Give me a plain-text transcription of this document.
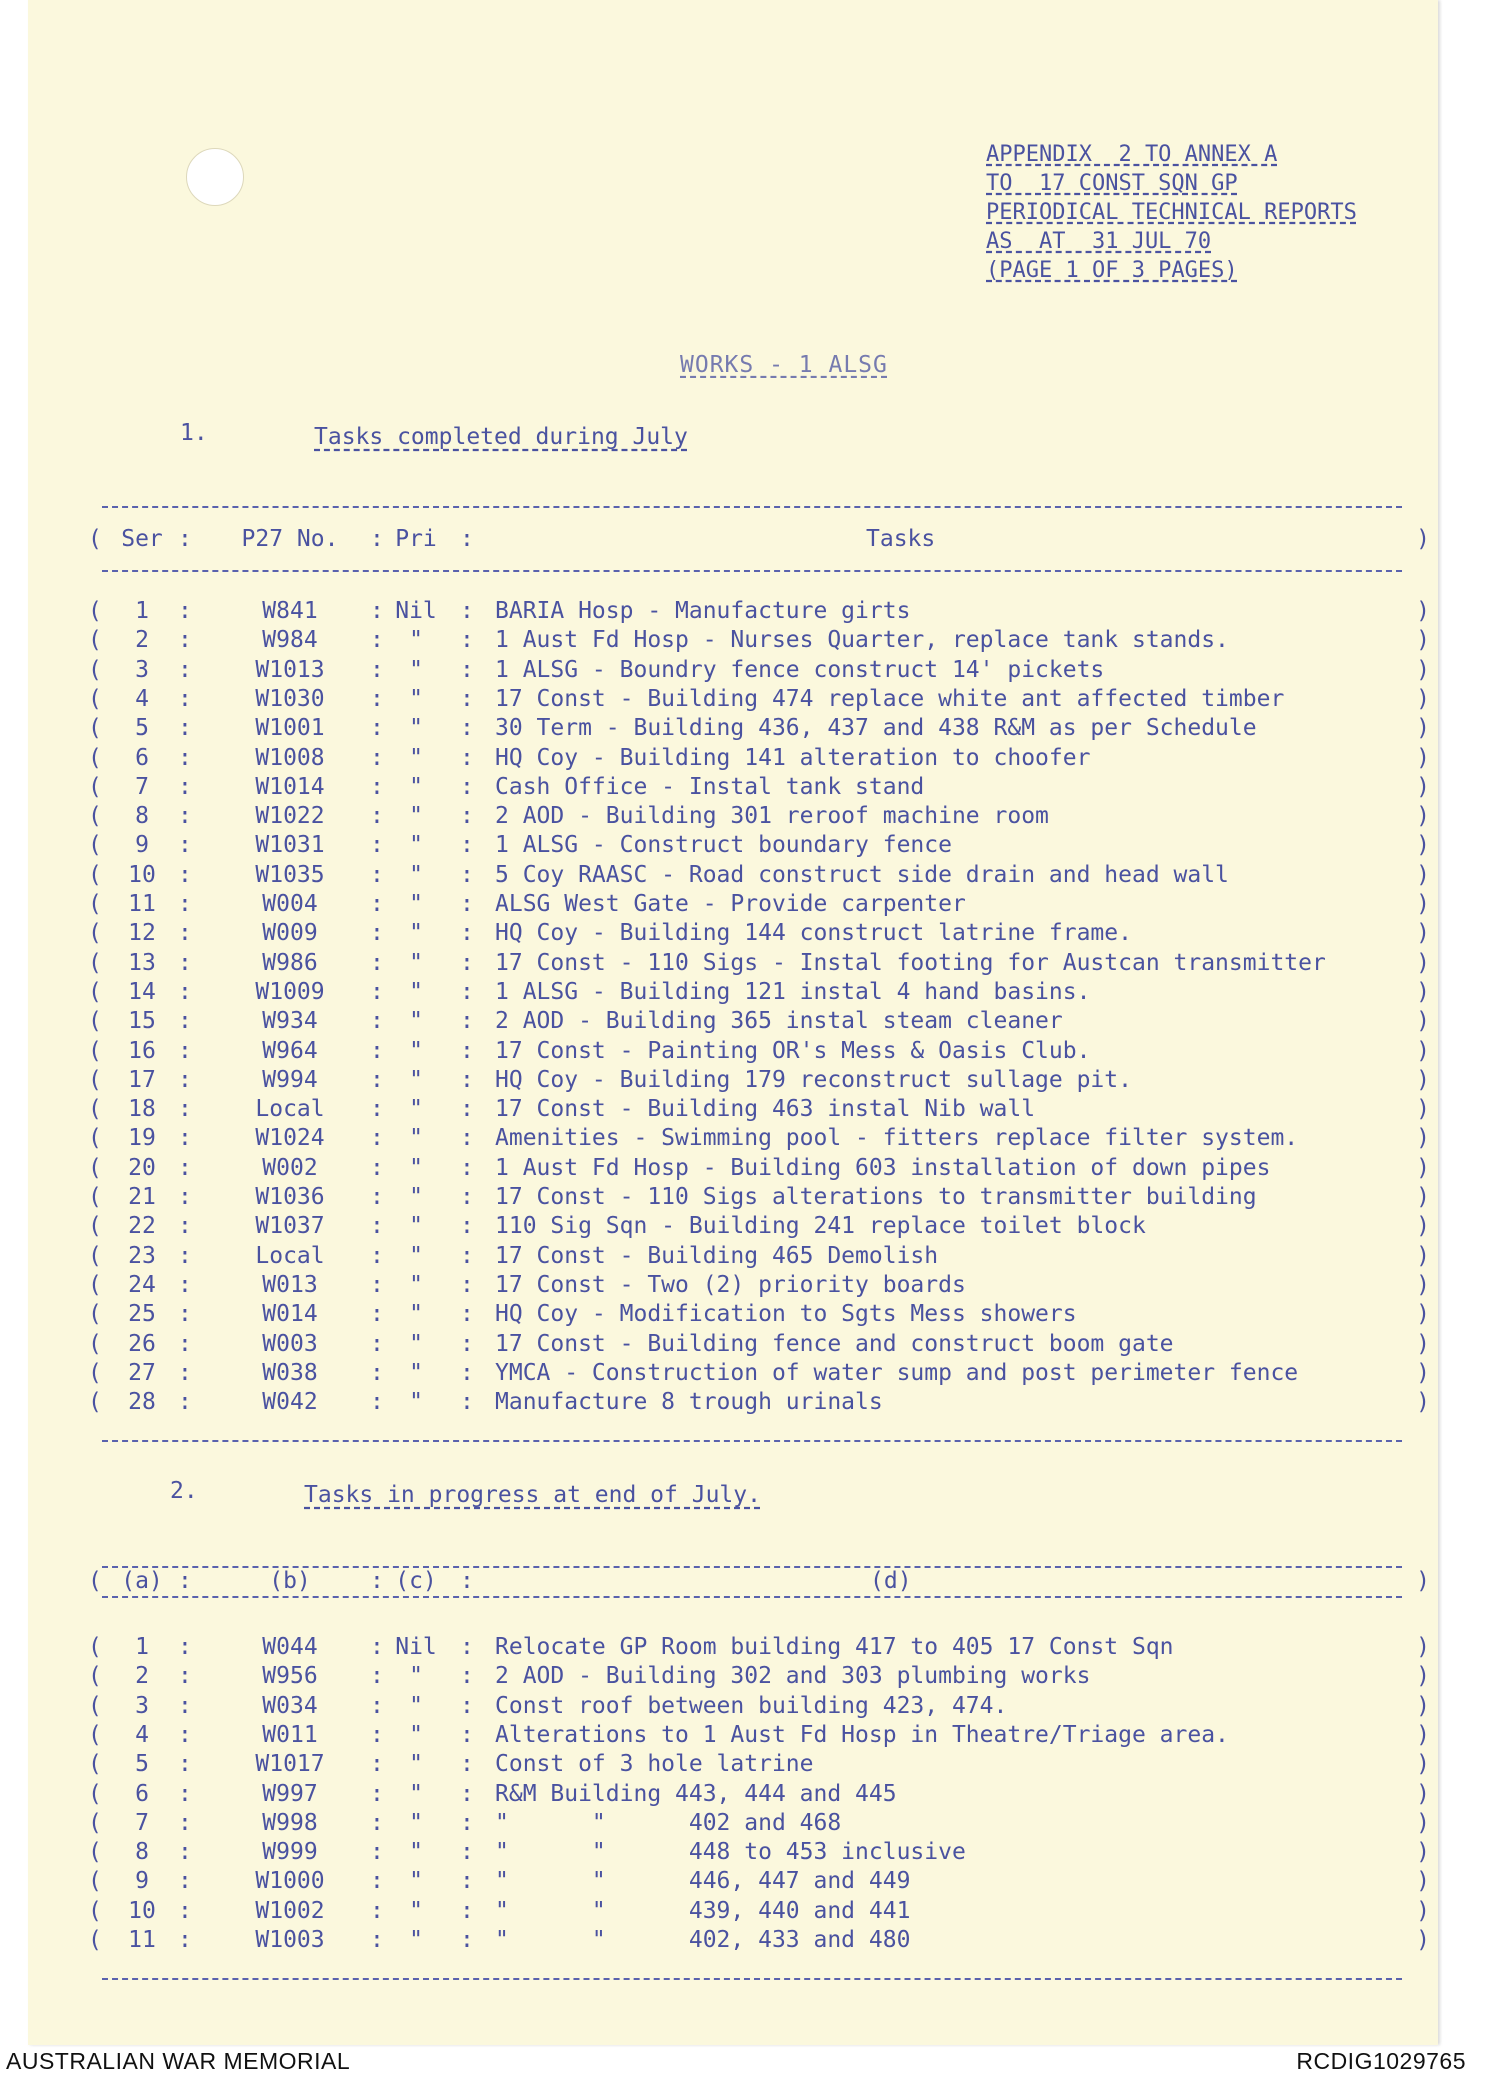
APPENDIX  2 TO ANNEX A
TO  17 CONST SQN GP
PERIODICAL TECHNICAL REPORTS
AS  AT  31 JUL 70
(PAGE 1 OF 3 PAGES)
WORKS - 1 ALSG
1.	Tasks completed during July
( Ser :	P27 No.	: Pri	:	Tasks	)
(	1	:	W841	: Nil	: BARIA Hosp - Manufacture girts	)
(	2	:	W984	:	"	: 1 Aust Fd Hosp - Nurses Quarter, replace tank stands.	)
(	3	:	W1013	:	"	: 1 ALSG - Boundry fence construct 14' pickets	)
(	4	:	W1030	:	"	: 17 Const - Building 474 replace white ant affected timber	)
(	5	:	W1001	:	"	: 30 Term - Building 436, 437 and 438 R&M as per Schedule	)
(	6	:	W1008	:	"	: HQ Coy - Building 141 alteration to choofer	)
(	7	:	W1014	:	"	: Cash Office - Instal tank stand	)
(	8	:	W1022	:	"	: 2 AOD - Building 301 reroof machine room	)
(	9	:	W1031	:	"	: 1 ALSG - Construct boundary fence	)
(	10 :	W1035	:	"	: 5 Coy RAASC - Road construct side drain and head wall	)
(	11 :	W004	:	"	: ALSG West Gate - Provide carpenter	)
(	12 :	W009	:	"	: HQ Coy - Building 144 construct latrine frame.	)
(	13 :	W986	:	"	: 17 Const - 110 Sigs - Instal footing for Austcan transmitter	)
(	14 :	W1009	:	"	: 1 ALSG - Building 121 instal 4 hand basins.	)
(	15 :	W934	:	"	: 2 AOD - Building 365 instal steam cleaner	)
(	16 :	W964	:	"	: 17 Const - Painting OR's Mess & Oasis Club.	)
(	17 :	W994	:	"	: HQ Coy - Building 179 reconstruct sullage pit.	)
(	18 :	Local	:	"	: 17 Const - Building 463 instal Nib wall	)
(	19 :	W1024	:	"	: Amenities - Swimming pool - fitters replace filter system.	)
(	20 :	W002	:	"	: 1 Aust Fd Hosp - Building 603 installation of down pipes	)
(	21 :	W1036	:	"	: 17 Const - 110 Sigs alterations to transmitter building	)
(	22 :	W1037	:	"	: 110 Sig Sqn - Building 241 replace toilet block	)
(	23 :	Local	:	"	: 17 Const - Building 465 Demolish	)
(	24 :	W013	:	"	: 17 Const - Two (2) priority boards	)
(	25 :	W014	:	"	: HQ Coy - Modification to Sgts Mess showers	)
(	26 :	W003	:	"	: 17 Const - Building fence and construct boom gate	)
(	27 :	W038	:	"	: YMCA - Construction of water sump and post perimeter fence	)
(	28 :	W042	:	"	: Manufacture 8 trough urinals	)
2.	Tasks in progress at end of July.
( (a) :	(b)	: (c)	:	(d)	)
(	1	:	W044	: Nil	: Relocate GP Room building 417 to 405 17 Const Sqn	)
(	2	:	W956	:	"	: 2 AOD - Building 302 and 303 plumbing works	)
(	3	:	W034	:	"	: Const roof between building 423, 474.	)
(	4	:	W011	:	"	: Alterations to 1 Aust Fd Hosp in Theatre/Triage area.	)
(	5	:	W1017	:	"	: Const of 3 hole latrine	)
(	6	:	W997	:	"	: R&M Building 443, 444 and 445	)
(	7	:	W998	:	"	: "      "      402 and 468	)
(	8	:	W999	:	"	: "      "      448 to 453 inclusive	)
(	9	:	W1000	:	"	: "      "      446, 447 and 449	)
(	10 :	W1002	:	"	: "      "      439, 440 and 441	)
(	11 :	W1003	:	"	: "      "      402, 433 and 480	)
AUSTRALIAN WAR MEMORIAL	RCDIG1029765
